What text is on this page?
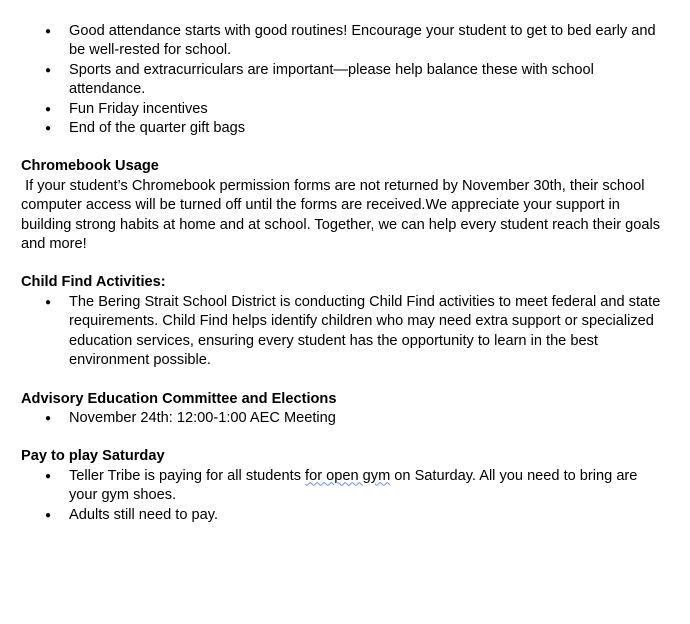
● Good attendance starts with good routines! Encourage your student to get to bed early and be well-rested for school.
● Sports and extracurriculars are important—please help balance these with school attendance.
● Fun Friday incentives
● End of the quarter gift bags
Chromebook Usage
If your student’s Chromebook permission forms are not returned by November 30th, their school computer access will be turned off until the forms are received.We appreciate your support in building strong habits at home and at school. Together, we can help every student reach their goals and more!
Child Find Activities:
● The Bering Strait School District is conducting Child Find activities to meet federal and state requirements. Child Find helps identify children who may need extra support or specialized education services, ensuring every student has the opportunity to learn in the best environment possible.
Advisory Education Committee and Elections
● November 24th: 12:00-1:00 AEC Meeting
Pay to play Saturday
● Teller Tribe is paying for all students for open gym on Saturday. All you need to bring are your gym shoes.
● Adults still need to pay.
